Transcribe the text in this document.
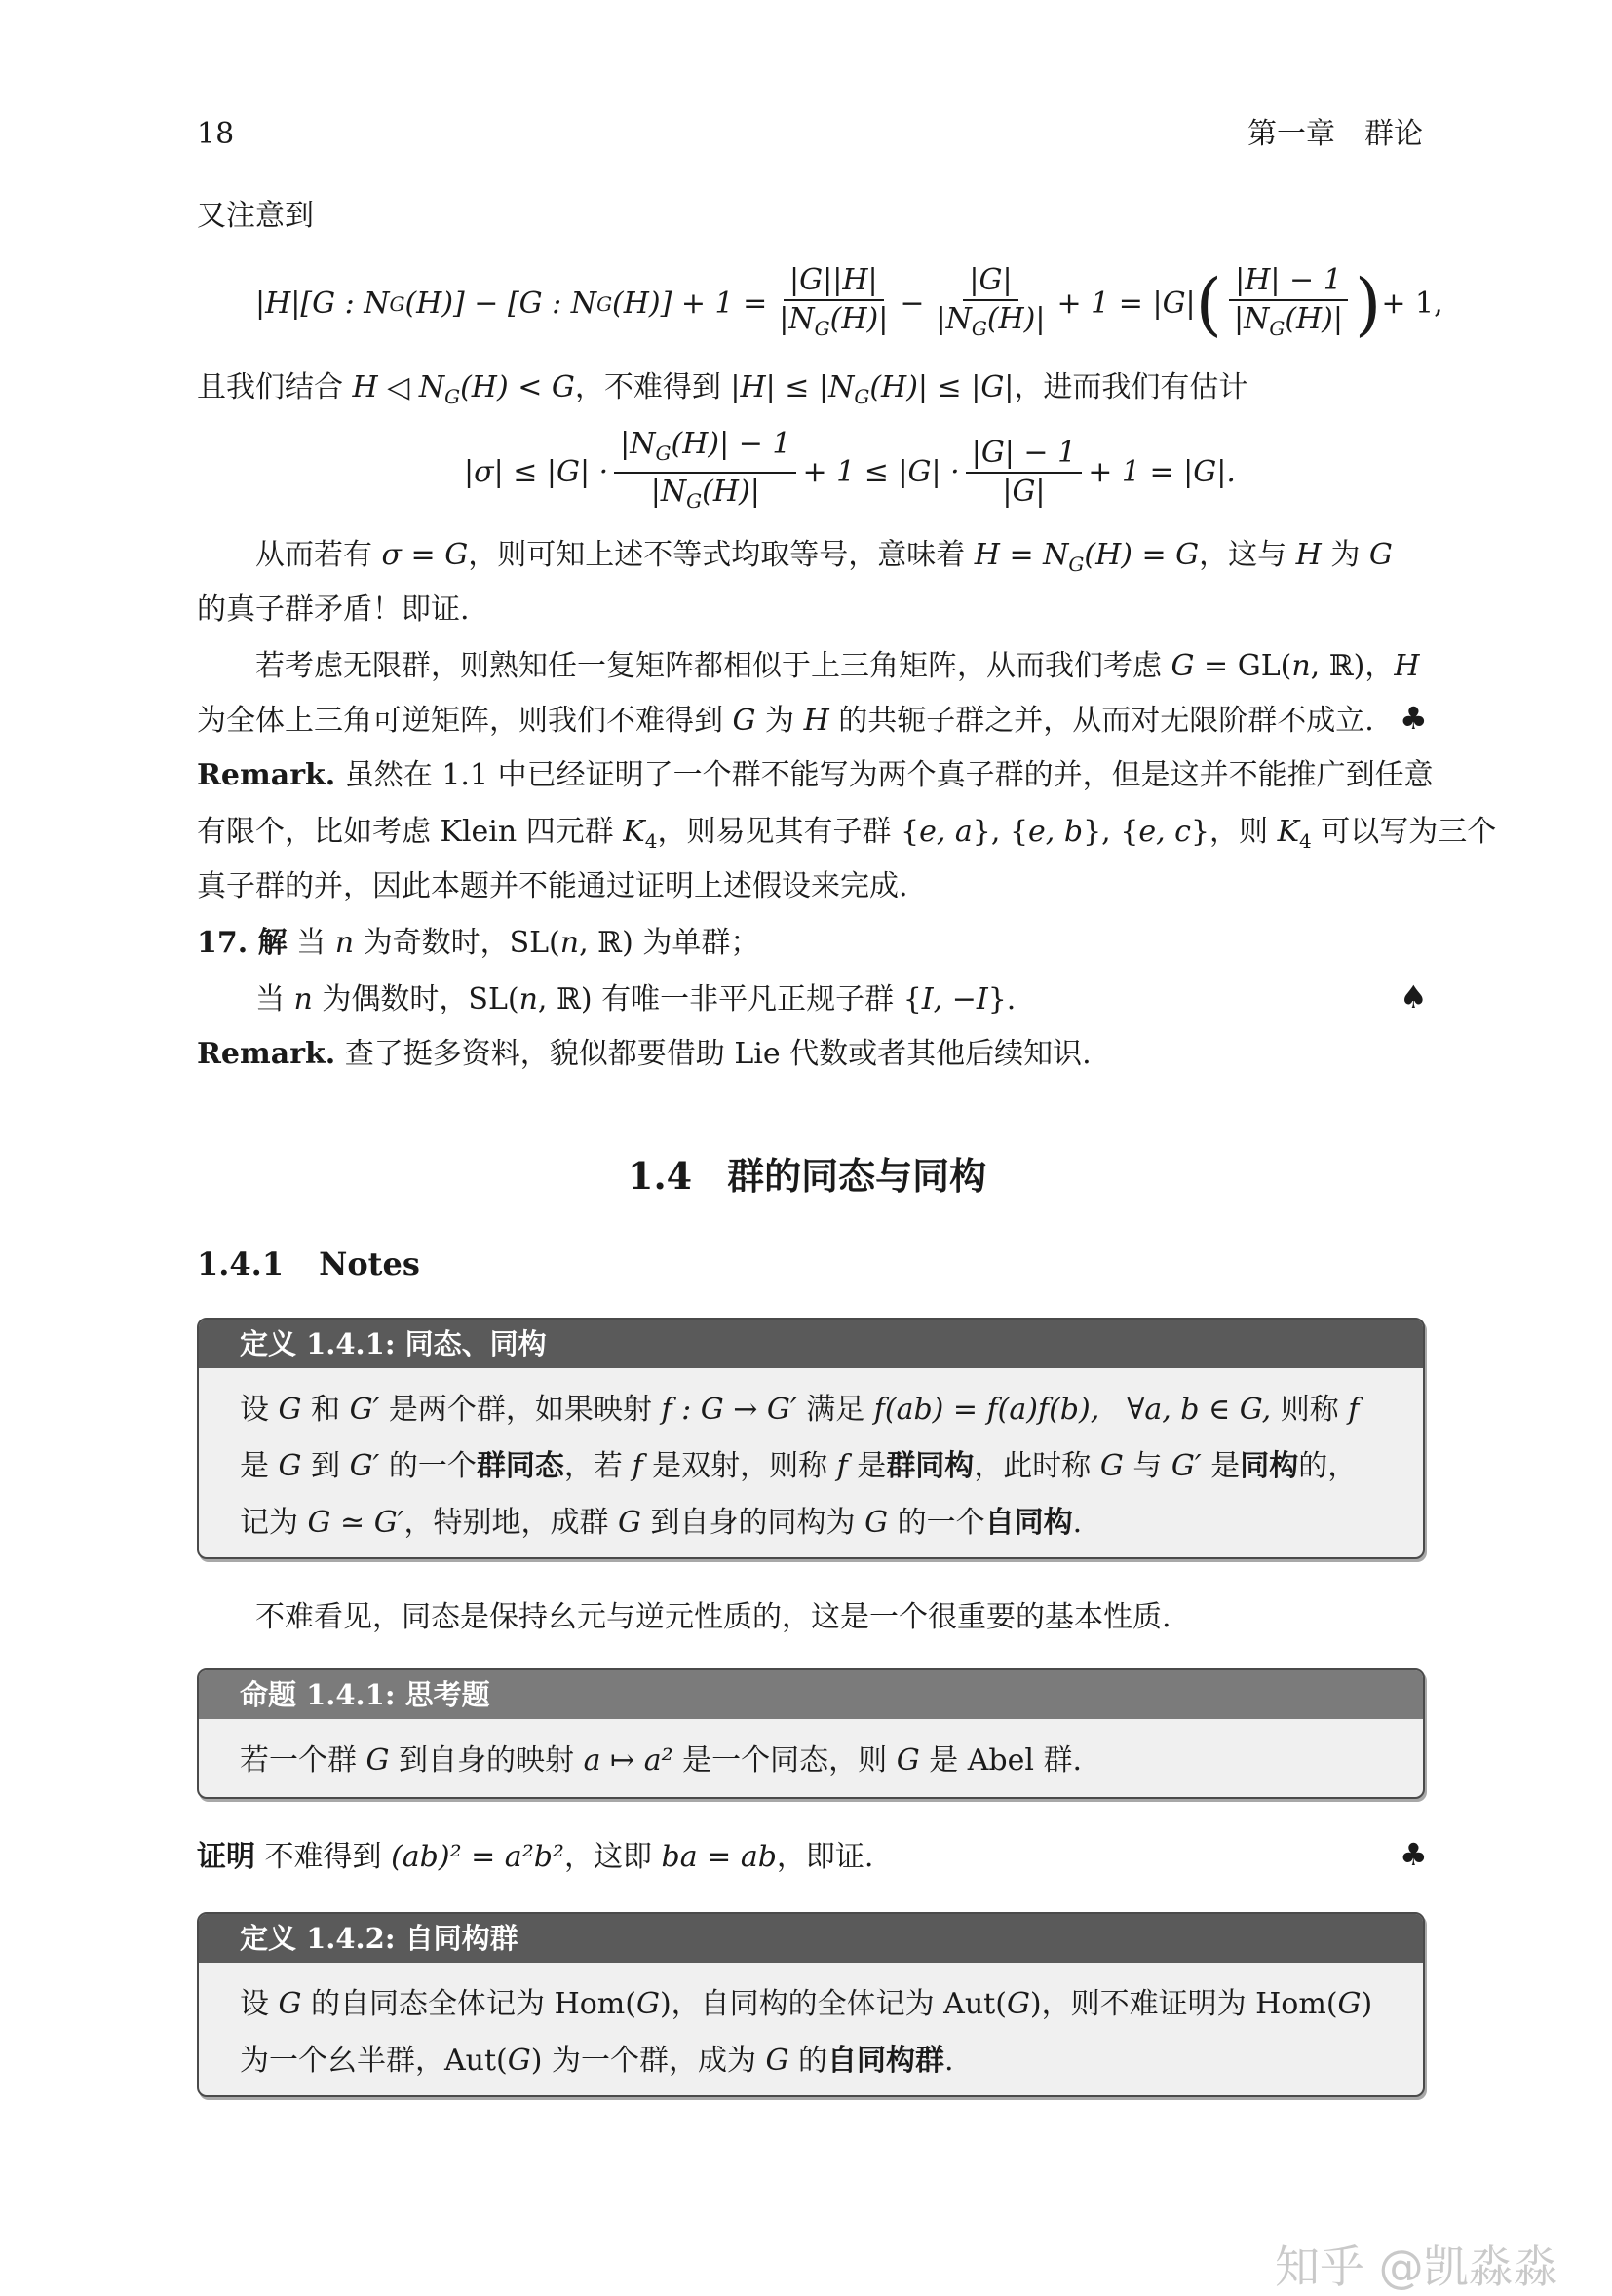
18	第一章　群论
又注意到
|H|[G : N G (H)] − [G : N G $(H)] + 1 = \frac{|G||H|}{|N_G(H)|} - \frac{|G|}{|N_G(H)|} + 1 = |G|$ ( $\frac{|H| - 1}{|N_G(H)|}$ ) + 1,
且我们结合 H ◁ $N_G(H) < G$，不难得到 $|H| \le |N_G(H)| \le |G|$，进而我们有估计
$|\sigma| \le |G| \cdot \frac{|N_G(H)| - 1}{|N_G(H)|} + 1 \le |G| \cdot \frac{|G| - 1}{|G|} + 1 = |G|$.
从而若有 σ = G，则可知上述不等式均取等号，意味着 $H = N_G(H) = G$，这与 H 为 G
的真子群矛盾！即证.
若考虑无限群，则熟知任一复矩阵都相似于上三角矩阵，从而我们考虑 G = GL(n, ℝ)，H
为全体上三角可逆矩阵，则我们不难得到 G 为 H 的共轭子群之并，从而对无限阶群不成立. ♣
Remark. 虽然在 1.1 中已经证明了一个群不能写为两个真子群的并，但是这并不能推广到任意
有限个，比如考虑 Klein 四元群 $K_4$，则易见其有子群 {e, a}, {e, b}, {e, c}，则 $K_4$ 可以写为三个
真子群的并，因此本题并不能通过证明上述假设来完成.
17. 解 当 n 为奇数时，SL(n, ℝ) 为单群；
当 n 为偶数时，SL(n, ℝ) 有唯一非平凡正规子群 {I, −I}.	♠
Remark. 查了挺多资料，貌似都要借助 Lie 代数或者其他后续知识.
1.4 群的同态与同构
1.4.1 Notes
定义 1.4.1: 同态、同构
设 G 和 G′ 是两个群，如果映射 f : G → G′ 满足 f(ab) = f(a)f(b), ∀a, b ∈ G, 则称 f
是 G 到 G′ 的一个群同态，若 f 是双射，则称 f 是群同构，此时称 G 与 G′ 是同构的，
记为 G ≃ G′，特别地，成群 G 到自身的同构为 G 的一个自同构.
不难看见，同态是保持幺元与逆元性质的，这是一个很重要的基本性质.
命题 1.4.1: 思考题
若一个群 G 到自身的映射 a ↦ a² 是一个同态，则 G 是 Abel 群.
证明 不难得到 (ab)² = a²b²，这即 ba = ab，即证.	♣
定义 1.4.2: 自同构群
设 G 的自同态全体记为 Hom(G)，自同构的全体记为 Aut(G)，则不难证明为 Hom(G)
为一个幺半群，Aut(G) 为一个群，成为 G 的自同构群.
知乎 @凯淼淼
